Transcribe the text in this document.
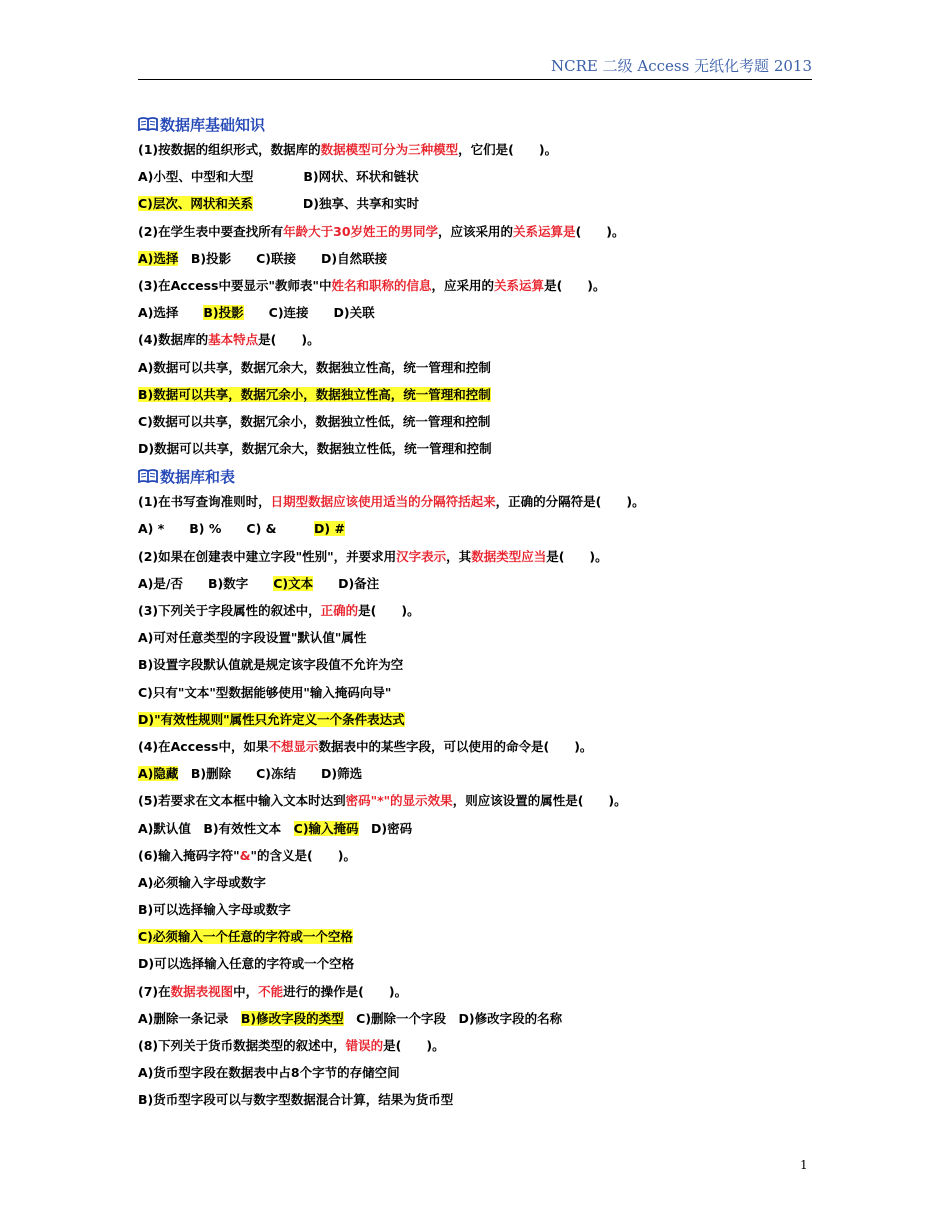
NCRE 二级 Access 无纸化考题 2013
数据库基础知识
(1)按数据的组织形式，数据库的数据模型可分为三种模型，它们是(　　)。
A)小型、中型和大型　　　　B)网状、环状和链状
C)层次、网状和关系　　　　D)独享、共享和实时
(2)在学生表中要查找所有年龄大于30岁姓王的男同学，应该采用的关系运算是(　　)。
A)选择　B)投影　　C)联接　　D)自然联接
(3)在Access中要显示"教师表"中姓名和职称的信息，应采用的关系运算是(　　)。
A)选择　　B)投影　　C)连接　　D)关联
(4)数据库的基本特点是(　　)。
A)数据可以共享，数据冗余大，数据独立性高，统一管理和控制
B)数据可以共享，数据冗余小，数据独立性高，统一管理和控制
C)数据可以共享，数据冗余小，数据独立性低，统一管理和控制
D)数据可以共享，数据冗余大，数据独立性低，统一管理和控制
数据库和表
(1)在书写查询准则时，日期型数据应该使用适当的分隔符括起来，正确的分隔符是(　　)。
A) *　　B) %　　C) &　　　D) #
(2)如果在创建表中建立字段"性别"，并要求用汉字表示，其数据类型应当是(　　)。
A)是/否　　B)数字　　C)文本　　D)备注
(3)下列关于字段属性的叙述中，正确的是(　　)。
A)可对任意类型的字段设置"默认值"属性
B)设置字段默认值就是规定该字段值不允许为空
C)只有"文本"型数据能够使用"输入掩码向导"
D)"有效性规则"属性只允许定义一个条件表达式
(4)在Access中，如果不想显示数据表中的某些字段，可以使用的命令是(　　)。
A)隐藏　B)删除　　C)冻结　　D)筛选
(5)若要求在文本框中输入文本时达到密码"*"的显示效果，则应该设置的属性是(　　)。
A)默认值　B)有效性文本　C)输入掩码　D)密码
(6)输入掩码字符"&"的含义是(　　)。
A)必须输入字母或数字
B)可以选择输入字母或数字
C)必须输入一个任意的字符或一个空格
D)可以选择输入任意的字符或一个空格
(7)在数据表视图中，不能进行的操作是(　　)。
A)删除一条记录　B)修改字段的类型　C)删除一个字段　D)修改字段的名称
(8)下列关于货币数据类型的叙述中，错误的是(　　)。
A)货币型字段在数据表中占8个字节的存储空间
B)货币型字段可以与数字型数据混合计算，结果为货币型
1
